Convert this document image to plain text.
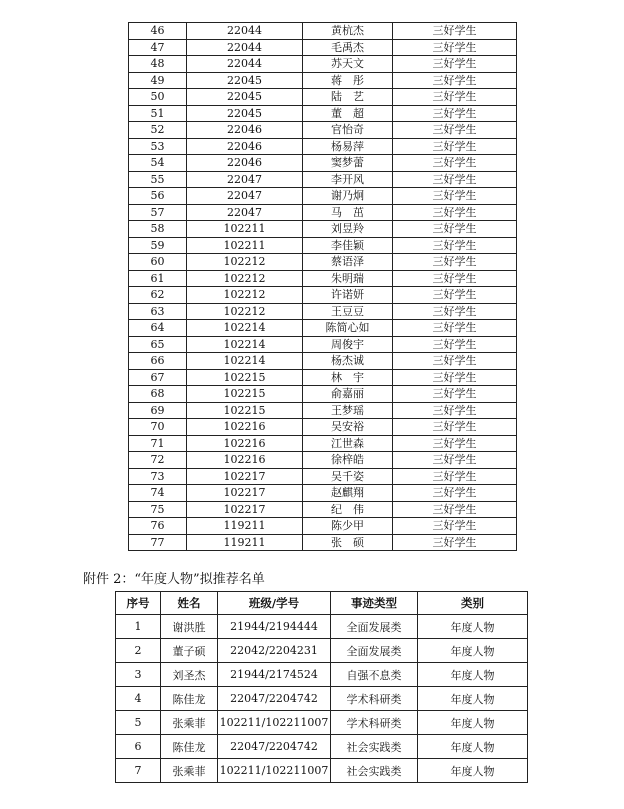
46	22044	黄杭杰	三好学生
47	22044	毛禹杰	三好学生
48	22044	苏天文	三好学生
49	22045	蒋　彤	三好学生
50	22045	陆　艺	三好学生
51	22045	董　超	三好学生
52	22046	官怡奇	三好学生
53	22046	杨易萍	三好学生
54	22046	窦梦蕾	三好学生
55	22047	李开风	三好学生
56	22047	谢乃炯	三好学生
57	22047	马　茁	三好学生
58	102211	刘昱羚	三好学生
59	102211	李佳颖	三好学生
60	102212	蔡语泽	三好学生
61	102212	朱明瑞	三好学生
62	102212	许诺妍	三好学生
63	102212	王豆豆	三好学生
64	102214	陈简心如	三好学生
65	102214	周俊宇	三好学生
66	102214	杨杰诚	三好学生
67	102215	林　宇	三好学生
68	102215	俞嘉丽	三好学生
69	102215	王梦瑶	三好学生
70	102216	吴安裕	三好学生
71	102216	江世森	三好学生
72	102216	徐梓皓	三好学生
73	102217	吴千姿	三好学生
74	102217	赵麒翔	三好学生
75	102217	纪　伟	三好学生
76	119211	陈少甲	三好学生
77	119211	张　硕	三好学生
附件 2：“年度人物”拟推荐名单
序号	姓名	班级/学号	事迹类型	类别
1	谢洪胜	21944/2194444	全面发展类	年度人物
2	董子硕	22042/2204231	全面发展类	年度人物
3	刘圣杰	21944/2174524	自强不息类	年度人物
4	陈佳龙	22047/2204742	学术科研类	年度人物
5	张乘菲	102211/102211007	学术科研类	年度人物
6	陈佳龙	22047/2204742	社会实践类	年度人物
7	张乘菲	102211/102211007	社会实践类	年度人物
